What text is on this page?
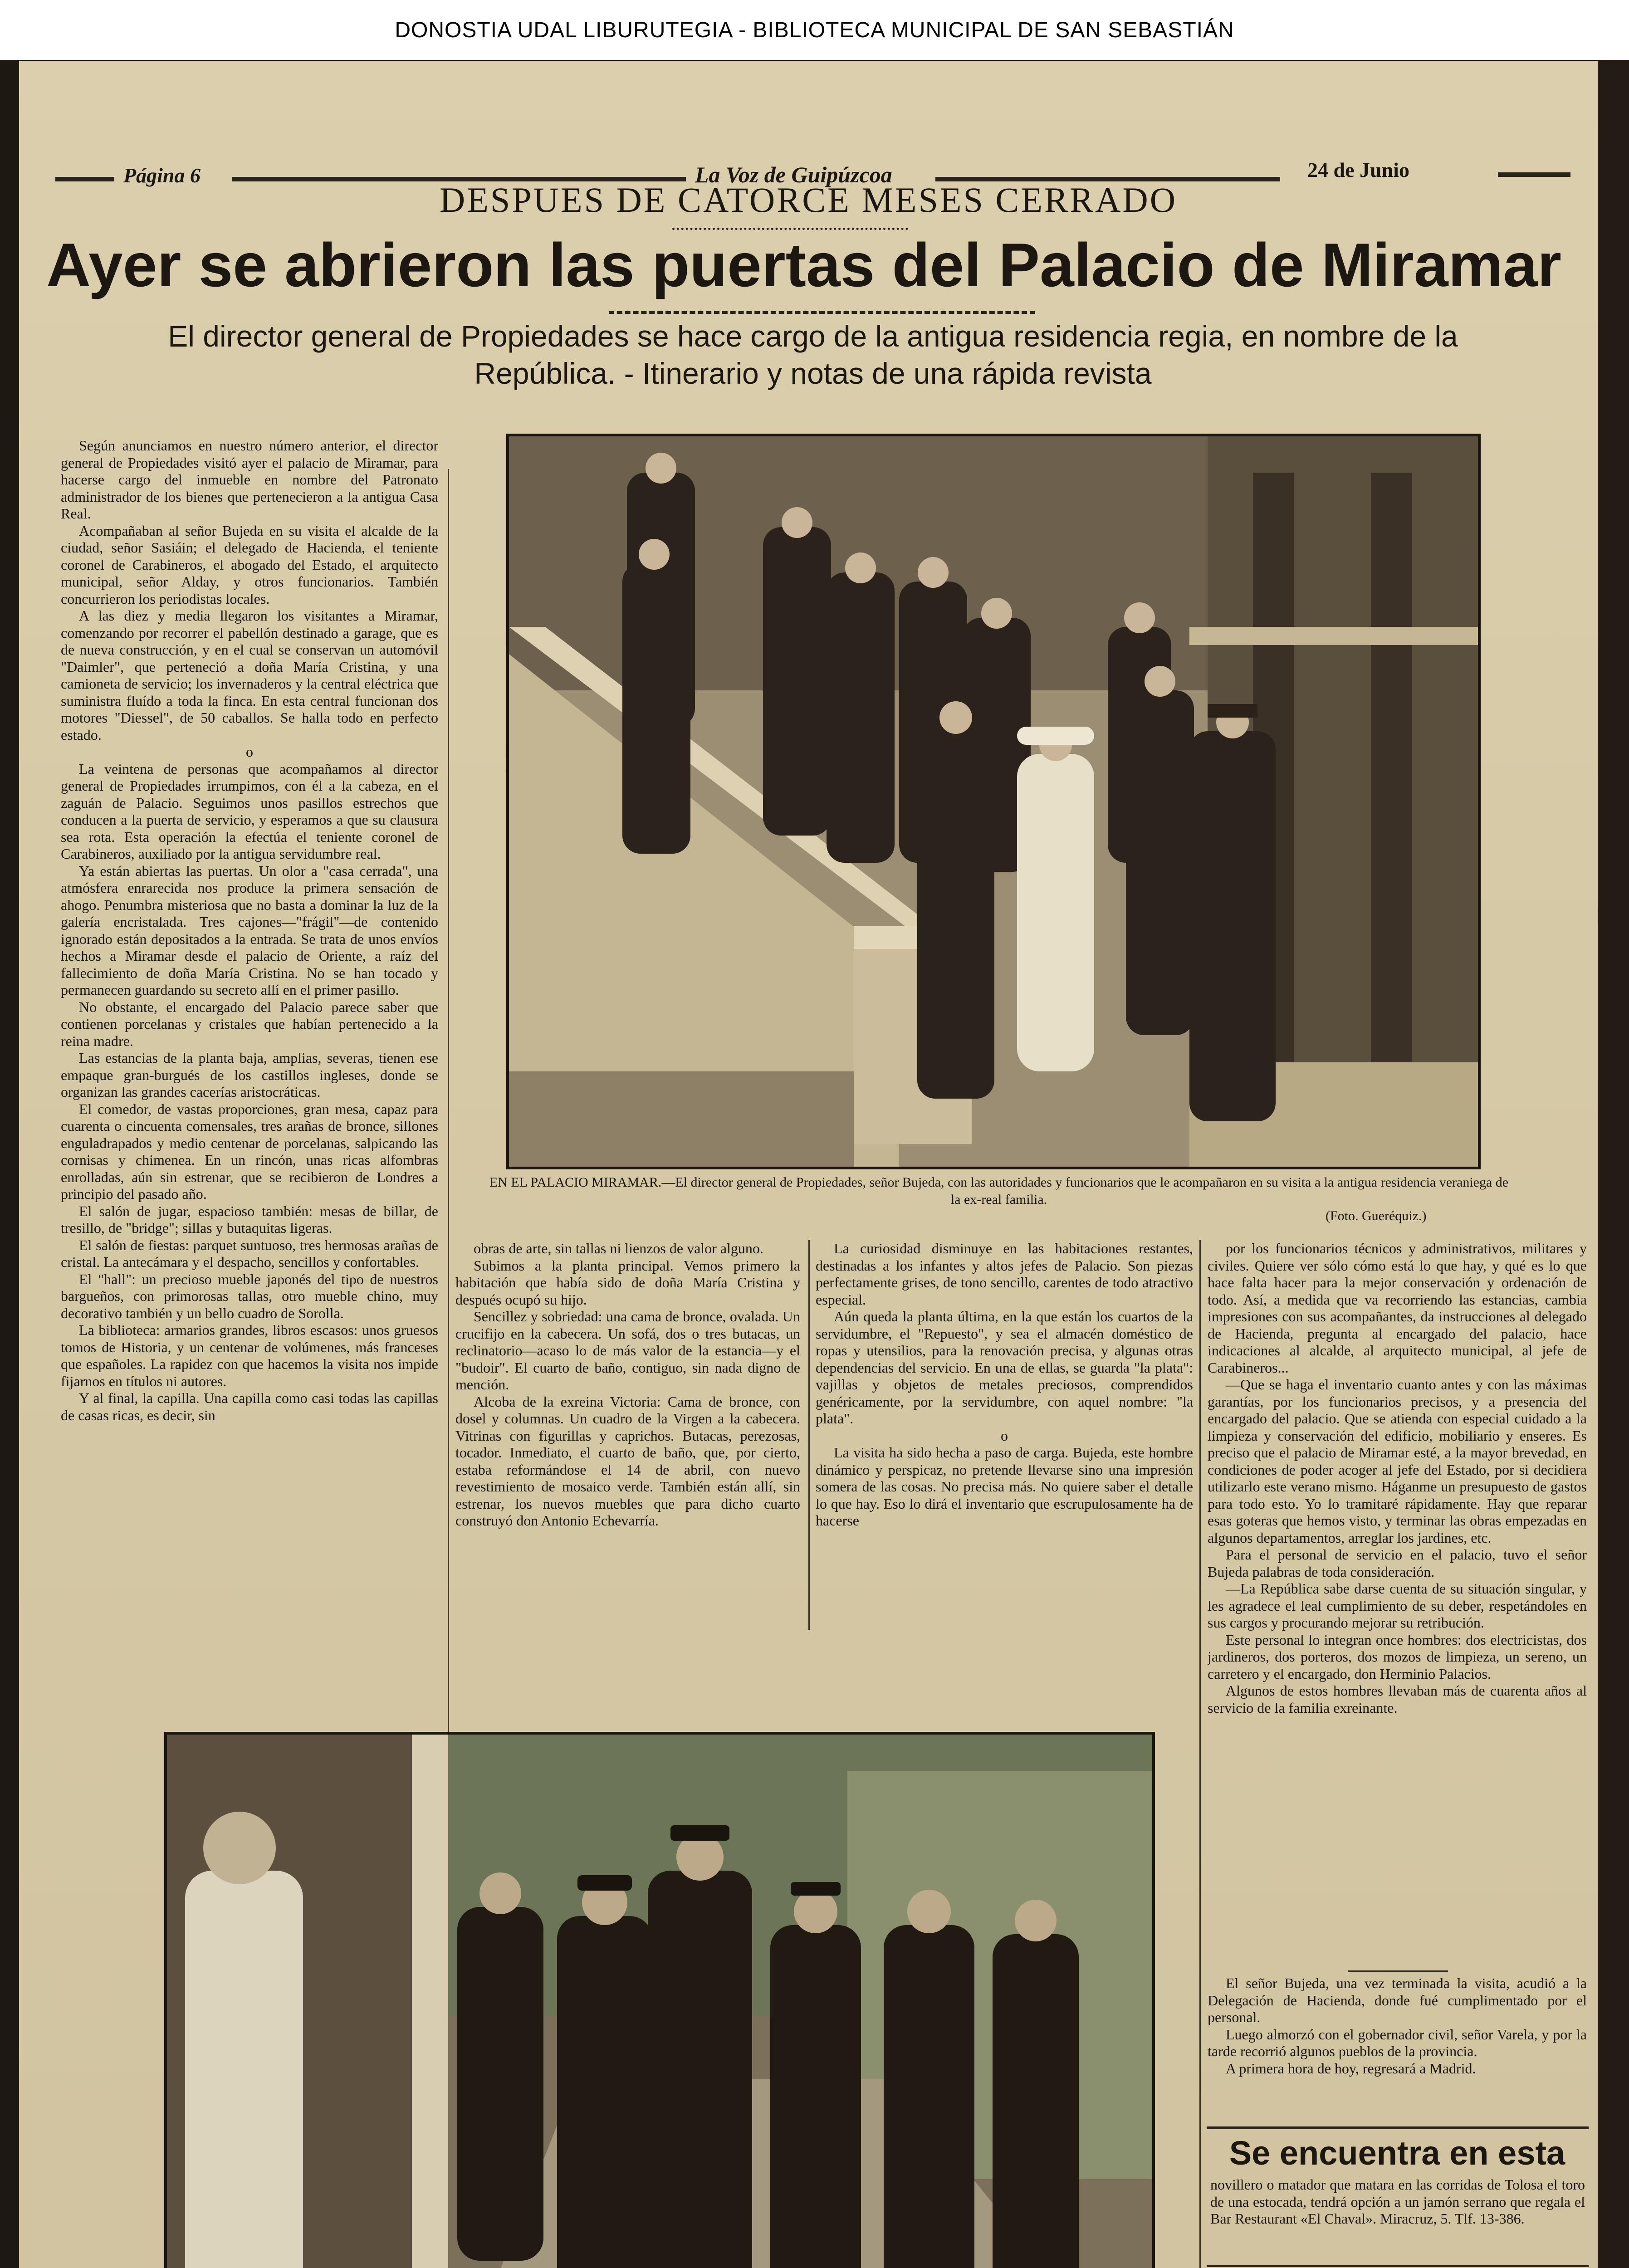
DONOSTIA UDAL LIBURUTEGIA - BIBLIOTECA MUNICIPAL DE SAN SEBASTIÁN
Página 6	La Voz de Guipúzcoa	24 de Junio
DESPUES DE CATORCE MESES CERRADO
Ayer se abrieron las puertas del Palacio de Miramar
El director general de Propiedades se hace cargo de la antigua residencia regia, en nombre de la
República. - Itinerario y notas de una rápida revista

Según anunciamos en nuestro número anterior, el director general de Propiedades visitó ayer el palacio de Miramar, para hacerse cargo del inmueble en nombre del Patronato administrador de los bienes que pertenecieron a la antigua Casa Real.

Acompañaban al señor Bujeda en su visita el alcalde de la ciudad, señor Sasiáin; el delegado de Hacienda, el teniente coronel de Carabineros, el abogado del Estado, el arquitecto municipal, señor Alday, y otros funcionarios. También concurrieron los periodistas locales.

A las diez y media llegaron los visitantes a Miramar, comenzando por recorrer el pabellón destinado a garage, que es de nueva construcción, y en el cual se conservan un automóvil "Daimler", que perteneció a doña María Cristina, y una camioneta de servicio; los invernaderos y la central eléctrica que suministra fluído a toda la finca. En esta central funcionan dos motores "Diessel", de 50 caballos. Se halla todo en perfecto estado.

o

La veintena de personas que acompañamos al director general de Propiedades irrumpimos, con él a la cabeza, en el zaguán de Palacio. Seguimos unos pasillos estrechos que conducen a la puerta de servicio, y esperamos a que su clausura sea rota. Esta operación la efectúa el teniente coronel de Carabineros, auxiliado por la antigua servidumbre real.

Ya están abiertas las puertas. Un olor a "casa cerrada", una atmósfera enrarecida nos produce la primera sensación de ahogo. Penumbra misteriosa que no basta a dominar la luz de la galería encristalada. Tres cajones—"frágil"—de contenido ignorado están depositados a la entrada. Se trata de unos envíos hechos a Miramar desde el palacio de Oriente, a raíz del fallecimiento de doña María Cristina. No se han tocado y permanecen guardando su secreto allí en el primer pasillo.

No obstante, el encargado del Palacio parece saber que contienen porcelanas y cristales que habían pertenecido a la reina madre.

Las estancias de la planta baja, amplias, severas, tienen ese empaque gran-burgués de los castillos ingleses, donde se organizan las grandes cacerías aristocráticas.

El comedor, de vastas proporciones, gran mesa, capaz para cuarenta o cincuenta comensales, tres arañas de bronce, sillones enguladrapados y medio centenar de porcelanas, salpicando las cornisas y chimenea. En un rincón, unas ricas alfombras enrolladas, aún sin estrenar, que se recibieron de Londres a principio del pasado año.

El salón de jugar, espacioso también: mesas de billar, de tresillo, de "bridge"; sillas y butaquitas ligeras.

El salón de fiestas: parquet suntuoso, tres hermosas arañas de cristal. La antecámara y el despacho, sencillos y confortables.

El "hall": un precioso mueble japonés del tipo de nuestros bargueños, con primorosas tallas, otro mueble chino, muy decorativo también y un bello cuadro de Sorolla.

La biblioteca: armarios grandes, libros escasos: unos gruesos tomos de Historia, y un centenar de volúmenes, más franceses que españoles. La rapidez con que hacemos la visita nos impide fijarnos en títulos ni autores.

Y al final, la capilla. Una capilla como casi todas las capillas de casas ricas, es decir, sin

EN EL PALACIO MIRAMAR.—El director general de Propiedades, señor Bujeda, con las autoridades y funcionarios que le acompañaron en su visita a la antigua residencia veraniega de la ex-real familia.
(Foto. Gueréquiz.)

obras de arte, sin tallas ni lienzos de valor alguno.

Subimos a la planta principal. Vemos primero la habitación que había sido de doña María Cristina y después ocupó su hijo.

Sencillez y sobriedad: una cama de bronce, ovalada. Un crucifijo en la cabecera. Un sofá, dos o tres butacas, un reclinatorio—acaso lo de más valor de la estancia—y el "budoir". El cuarto de baño, contiguo, sin nada digno de mención.

Alcoba de la exreina Victoria: Cama de bronce, con dosel y columnas. Un cuadro de la Virgen a la cabecera. Vitrinas con figurillas y caprichos. Butacas, perezosas, tocador. Inmediato, el cuarto de baño, que, por cierto, estaba reformándose el 14 de abril, con nuevo revestimiento de mosaico verde. También están allí, sin estrenar, los nuevos muebles que para dicho cuarto construyó don Antonio Echevarría.

La curiosidad disminuye en las habitaciones restantes, destinadas a los infantes y altos jefes de Palacio. Son piezas perfectamente grises, de tono sencillo, carentes de todo atractivo especial.

Aún queda la planta última, en la que están los cuartos de la servidumbre, el "Repuesto", y sea el almacén doméstico de ropas y utensilios, para la renovación precisa, y algunas otras dependencias del servicio. En una de ellas, se guarda "la plata": vajillas y objetos de metales preciosos, comprendidos genéricamente, por la servidumbre, con aquel nombre: "la plata".

o

La visita ha sido hecha a paso de carga. Bujeda, este hombre dinámico y perspicaz, no pretende llevarse sino una impresión somera de las cosas. No precisa más. No quiere saber el detalle lo que hay. Eso lo dirá el inventario que escrupulosamente ha de hacerse

por los funcionarios técnicos y administrativos, militares y civiles. Quiere ver sólo cómo está lo que hay, y qué es lo que hace falta hacer para la mejor conservación y ordenación de todo. Así, a medida que va recorriendo las estancias, cambia impresiones con sus acompañantes, da instrucciones al delegado de Hacienda, pregunta al encargado del palacio, hace indicaciones al alcalde, al arquitecto municipal, al jefe de Carabineros...

—Que se haga el inventario cuanto antes y con las máximas garantías, por los funcionarios precisos, y a presencia del encargado del palacio. Que se atienda con especial cuidado a la limpieza y conservación del edificio, mobiliario y enseres. Es preciso que el palacio de Miramar esté, a la mayor brevedad, en condiciones de poder acoger al jefe del Estado, por si decidiera utilizarlo este verano mismo. Háganme un presupuesto de gastos para todo esto. Yo lo tramitaré rápidamente. Hay que reparar esas goteras que hemos visto, y terminar las obras empezadas en algunos departamentos, arreglar los jardines, etc.

Para el personal de servicio en el palacio, tuvo el señor Bujeda palabras de toda consideración.

—La República sabe darse cuenta de su situación singular, y les agradece el leal cumplimiento de su deber, respetándoles en sus cargos y procurando mejorar su retribución.

Este personal lo integran once hombres: dos electricistas, dos jardineros, dos porteros, dos mozos de limpieza, un sereno, un carretero y el encargado, don Herminio Palacios.

Algunos de estos hombres llevaban más de cuarenta años al servicio de la familia exreinante.

El señor Bujeda, una vez terminada la visita, acudió a la Delegación de Hacienda, donde fué cumplimentado por el personal.

Luego almorzó con el gobernador civil, señor Varela, y por la tarde recorrió algunos pueblos de la provincia.

A primera hora de hoy, regresará a Madrid.

Se encuentra en esta
novillero o matador que matara en las corridas de Tolosa el toro de una estocada, tendrá opción a un jamón serrano que regala el Bar Restaurant «El Chaval». Miracruz, 5. Tlf. 13-386.
